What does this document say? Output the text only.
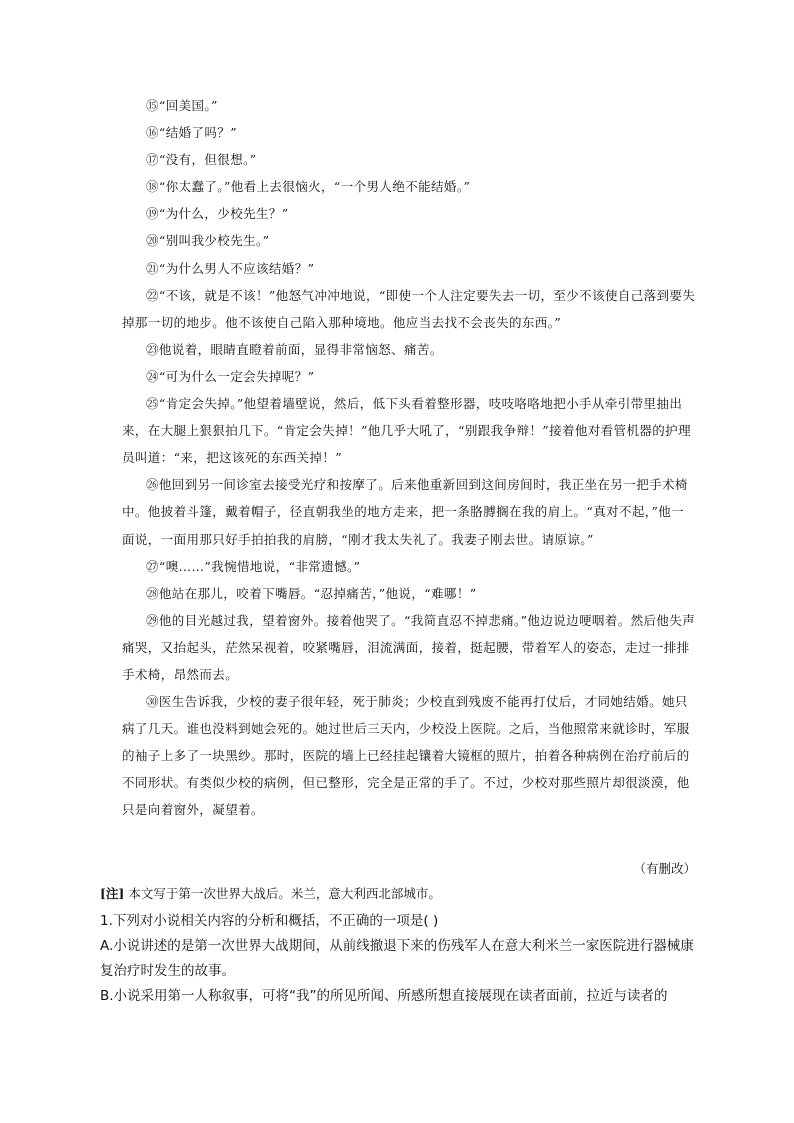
⑮“回美国。”

⑯“结婚了吗？”

⑰“没有，但很想。”

⑱“你太蠢了。”他看上去很恼火，“一个男人绝不能结婚。”

⑲“为什么，少校先生？”

⑳“别叫我少校先生。”

㉑“为什么男人不应该结婚？”

㉒“不该，就是不该！”他怒气冲冲地说，“即使一个人注定要失去一切，至少不该使自己落到要失掉那一切的地步。他不该使自己陷入那种境地。他应当去找不会丧失的东西。”

㉓他说着，眼睛直瞪着前面，显得非常恼怒、痛苦。

㉔“可为什么一定会失掉呢？”

㉕“肯定会失掉。”他望着墙壁说，然后，低下头看着整形器，吱吱咯咯地把小手从牵引带里抽出来，在大腿上狠狠拍几下。“肯定会失掉！”他几乎大吼了，“别跟我争辩！”接着他对看管机器的护理员叫道：“来，把这该死的东西关掉！”

㉖他回到另一间诊室去接受光疗和按摩了。后来他重新回到这间房间时，我正坐在另一把手术椅中。他披着斗篷，戴着帽子，径直朝我坐的地方走来，把一条胳膊搁在我的肩上。“真对不起，”他一面说，一面用那只好手拍拍我的肩膀，“刚才我太失礼了。我妻子刚去世。请原谅。”

㉗“噢……”我惋惜地说，“非常遗憾。”

㉘他站在那儿，咬着下嘴唇。“忍掉痛苦，”他说，“难哪！”

㉙他的目光越过我，望着窗外。接着他哭了。“我简直忍不掉悲痛。”他边说边哽咽着。然后他失声痛哭，又抬起头，茫然呆视着，咬紧嘴唇，泪流满面，接着，挺起腰，带着军人的姿态，走过一排排手术椅，昂然而去。

㉚医生告诉我，少校的妻子很年轻，死于肺炎；少校直到残废不能再打仗后，才同她结婚。她只病了几天。谁也没料到她会死的。她过世后三天内，少校没上医院。之后，当他照常来就诊时，军服的袖子上多了一块黑纱。那时，医院的墙上已经挂起镶着大镜框的照片，拍着各种病例在治疗前后的不同形状。有类似少校的病例，但已整形，完全是正常的手了。不过，少校对那些照片却很淡漠，他只是向着窗外，凝望着。

（有删改）
[注] 本文写于第一次世界大战后。米兰，意大利西北部城市。

1.下列对小说相关内容的分析和概括，不正确的一项是( )

A.小说讲述的是第一次世界大战期间，从前线撤退下来的伤残军人在意大利米兰一家医院进行器械康复治疗时发生的故事。

B.小说采用第一人称叙事，可将“我”的所见所闻、所感所想直接展现在读者面前，拉近与读者的
